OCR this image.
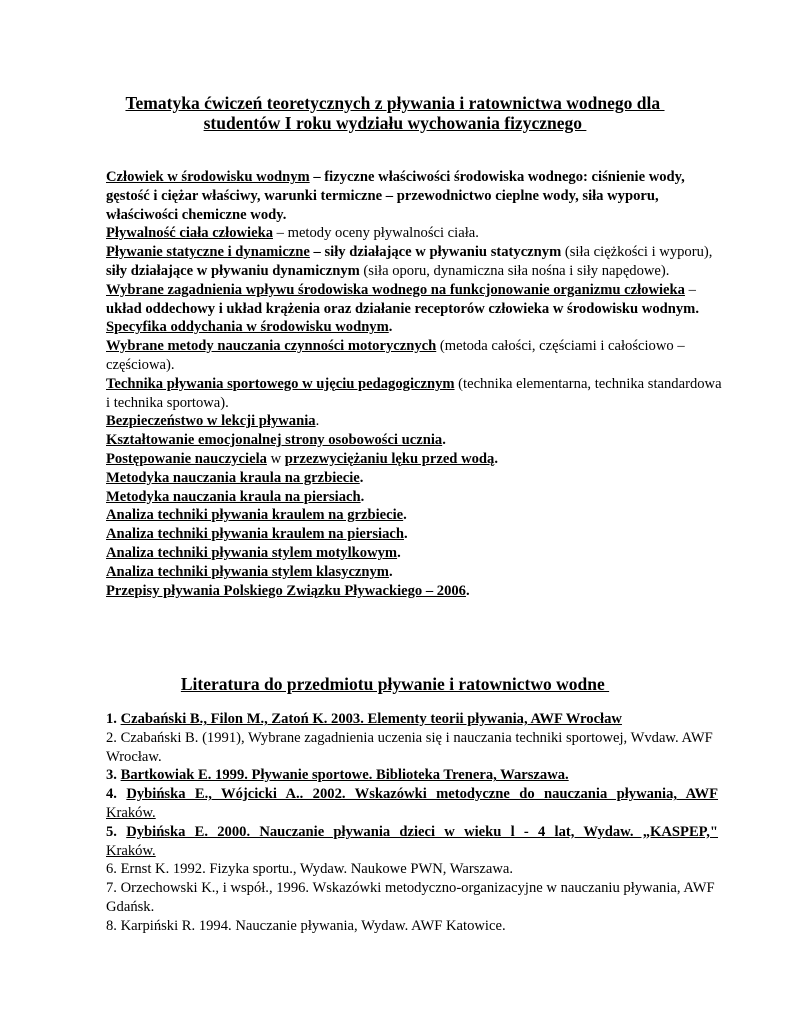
Tematyka ćwiczeń teoretycznych z pływania i ratownictwa wodnego dla
studentów I roku wydziału wychowania fizycznego

Człowiek w środowisku wodnym – fizyczne właściwości środowiska wodnego: ciśnienie wody, gęstość i ciężar właściwy, warunki termiczne – przewodnictwo cieplne wody, siła wyporu, właściwości chemiczne wody.

Pływalność ciała człowieka – metody oceny pływalności ciała.

Pływanie statyczne i dynamiczne – siły działające w pływaniu statycznym (siła ciężkości i wyporu), siły działające w pływaniu dynamicznym (siła oporu, dynamiczna siła nośna i siły napędowe).

Wybrane zagadnienia wpływu środowiska wodnego na funkcjonowanie organizmu człowieka – układ oddechowy i układ krążenia oraz działanie receptorów człowieka w środowisku wodnym.

Specyfika oddychania w środowisku wodnym.

Wybrane metody nauczania czynności motorycznych (metoda całości, częściami i całościowo – częściowa).

Technika pływania sportowego w ujęciu pedagogicznym (technika elementarna, technika standardowa i technika sportowa).

Bezpieczeństwo w lekcji pływania.

Kształtowanie emocjonalnej strony osobowości ucznia.

Postępowanie nauczyciela w przezwyciężaniu lęku przed wodą.

Metodyka nauczania kraula na grzbiecie.

Metodyka nauczania kraula na piersiach.

Analiza techniki pływania kraulem na grzbiecie.

Analiza techniki pływania kraulem na piersiach.

Analiza techniki pływania stylem motylkowym.

Analiza techniki pływania stylem klasycznym.

Przepisy pływania Polskiego Związku Pływackiego – 2006.

Literatura do przedmiotu pływanie i ratownictwo wodne

1. Czabański B., Filon M., Zatoń K. 2003. Elementy teorii pływania, AWF Wrocław

2. Czabański B. (1991), Wybrane zagadnienia uczenia się i nauczania techniki sportowej, Wvdaw. AWF Wrocław.

3. Bartkowiak E. 1999. Pływanie sportowe. Biblioteka Trenera, Warszawa.

4. Dybińska E., Wójcicki A.. 2002. Wskazówki metodyczne do nauczania pływania, AWF

Kraków.

5. Dybińska E. 2000. Nauczanie pływania dzieci w wieku l - 4 lat, Wydaw. „KASPEP,"

Kraków.

6. Ernst K. 1992. Fizyka sportu., Wydaw. Naukowe PWN, Warszawa.

7. Orzechowski K., i współ., 1996. Wskazówki metodyczno-organizacyjne w nauczaniu pływania, AWF Gdańsk.

8. Karpiński R. 1994. Nauczanie pływania, Wydaw. AWF Katowice.
